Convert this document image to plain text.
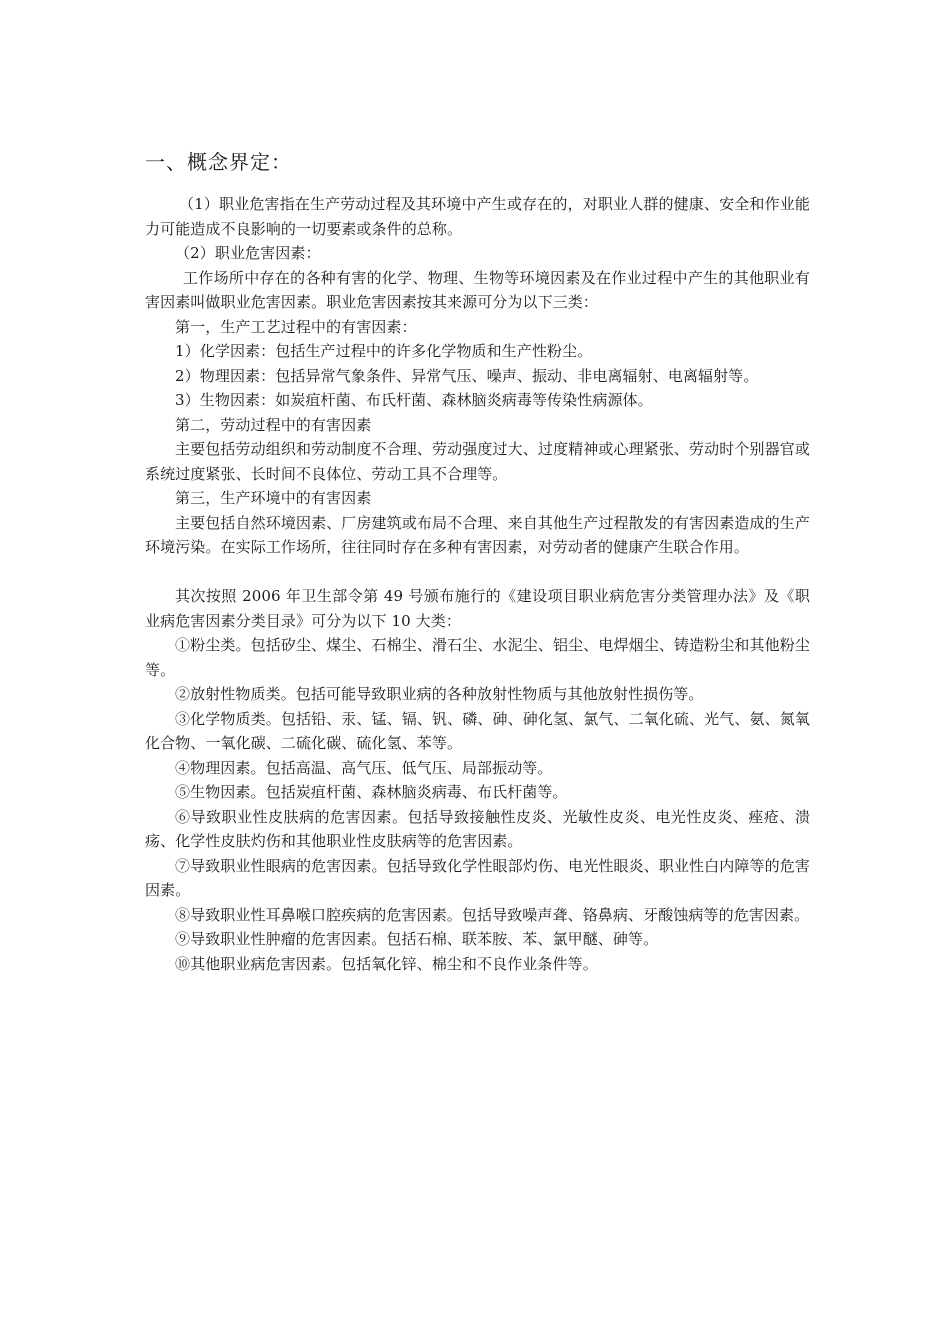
一、概念界定：

（1）职业危害指在生产劳动过程及其环境中产生或存在的，对职业人群的健康、安全和作业能力可能造成不良影响的一切要素或条件的总称。

（2）职业危害因素：

工作场所中存在的各种有害的化学、物理、生物等环境因素及在作业过程中产生的其他职业有害因素叫做职业危害因素。职业危害因素按其来源可分为以下三类：

第一，生产工艺过程中的有害因素：

1）化学因素：包括生产过程中的许多化学物质和生产性粉尘。

2）物理因素：包括异常气象条件、异常气压、噪声、振动、非电离辐射、电离辐射等。

3）生物因素：如炭疽杆菌、布氏杆菌、森林脑炎病毒等传染性病源体。

第二，劳动过程中的有害因素

主要包括劳动组织和劳动制度不合理、劳动强度过大、过度精神或心理紧张、劳动时个别器官或系统过度紧张、长时间不良体位、劳动工具不合理等。

第三，生产环境中的有害因素

主要包括自然环境因素、厂房建筑或布局不合理、来自其他生产过程散发的有害因素造成的生产环境污染。在实际工作场所，往往同时存在多种有害因素，对劳动者的健康产生联合作用。

其次按照 2006 年卫生部令第 49 号颁布施行的《建设项目职业病危害分类管理办法》及《职业病危害因素分类目录》可分为以下 10 大类：

①粉尘类。包括矽尘、煤尘、石棉尘、滑石尘、水泥尘、铝尘、电焊烟尘、铸造粉尘和其他粉尘等。

②放射性物质类。包括可能导致职业病的各种放射性物质与其他放射性损伤等。

③化学物质类。包括铅、汞、锰、镉、钒、磷、砷、砷化氢、氯气、二氧化硫、光气、氨、氮氧化合物、一氧化碳、二硫化碳、硫化氢、苯等。

④物理因素。包括高温、高气压、低气压、局部振动等。

⑤生物因素。包括炭疽杆菌、森林脑炎病毒、布氏杆菌等。

⑥导致职业性皮肤病的危害因素。包括导致接触性皮炎、光敏性皮炎、电光性皮炎、痤疮、溃疡、化学性皮肤灼伤和其他职业性皮肤病等的危害因素。

⑦导致职业性眼病的危害因素。包括导致化学性眼部灼伤、电光性眼炎、职业性白内障等的危害因素。

⑧导致职业性耳鼻喉口腔疾病的危害因素。包括导致噪声聋、铬鼻病、牙酸蚀病等的危害因素。

⑨导致职业性肿瘤的危害因素。包括石棉、联苯胺、苯、氯甲醚、砷等。

⑩其他职业病危害因素。包括氧化锌、棉尘和不良作业条件等。
